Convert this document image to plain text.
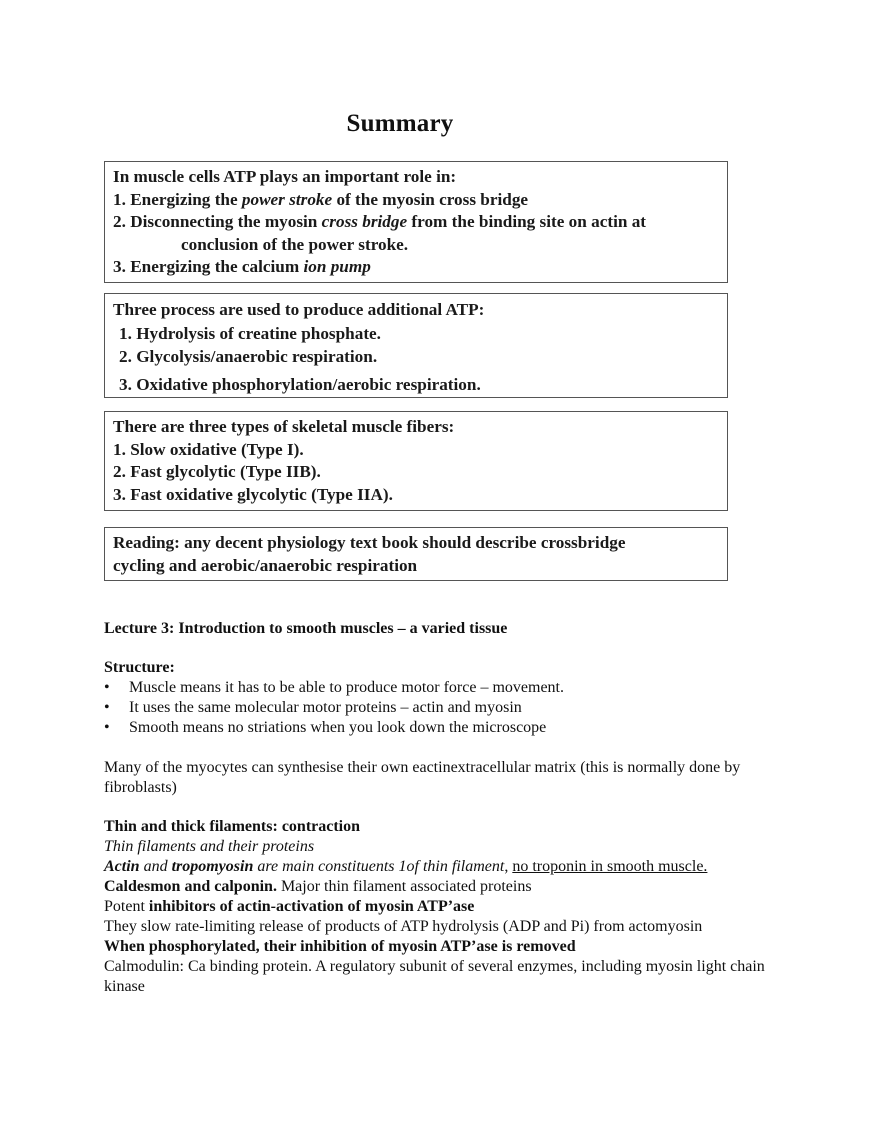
Summary
In muscle cells ATP plays an important role in:
1. Energizing the power stroke of the myosin cross bridge
2. Disconnecting the myosin cross bridge from the binding site on actin at
conclusion of the power stroke.
3. Energizing the calcium ion pump
Three process are used to produce additional ATP:
1. Hydrolysis of creatine phosphate.
2. Glycolysis/anaerobic respiration.
3. Oxidative phosphorylation/aerobic respiration.
There are three types of skeletal muscle fibers:
1. Slow oxidative (Type I).
2. Fast glycolytic (Type IIB).
3. Fast oxidative glycolytic (Type IIA).
Reading: any decent physiology text book should describe crossbridge
cycling and aerobic/anaerobic respiration
Lecture 3: Introduction to smooth muscles – a varied tissue
Structure:
• Muscle means it has to be able to produce motor force – movement.
• It uses the same molecular motor proteins – actin and myosin
• Smooth means no striations when you look down the microscope
Many of the myocytes can synthesise their own eactinextracellular matrix (this is normally done by fibroblasts)
Thin and thick filaments: contraction
Thin filaments and their proteins
Actin and tropomyosin are main constituents 1of thin filament, no troponin in smooth muscle.
Caldesmon and calponin. Major thin filament associated proteins
Potent inhibitors of actin-activation of myosin ATP’ase
They slow rate-limiting release of products of ATP hydrolysis (ADP and Pi) from actomyosin
When phosphorylated, their inhibition of myosin ATP’ase is removed
Calmodulin: Ca binding protein. A regulatory subunit of several enzymes, including myosin light chain kinase
